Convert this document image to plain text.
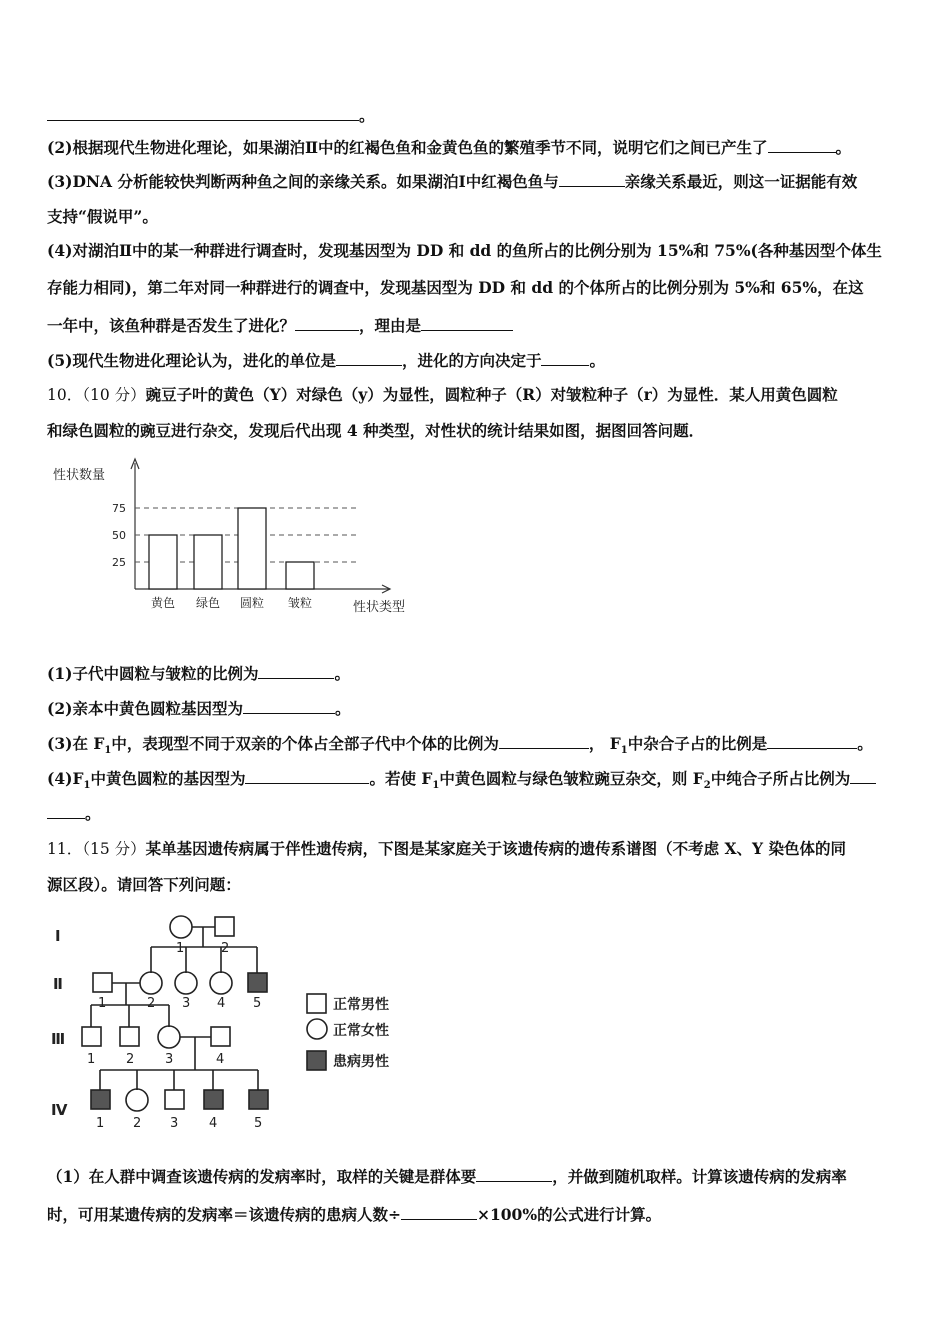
。
(2)根据现代生物进化理论，如果湖泊Ⅱ中的红褐色鱼和金黄色鱼的繁殖季节不同，说明它们之间已产生了	。
(3)DNA 分析能较快判断两种鱼之间的亲缘关系。如果湖泊Ⅰ中红褐色鱼与	亲缘关系最近，则这一证据能有效
支持“假说甲”。
(4)对湖泊Ⅱ中的某一种群进行调查时，发现基因型为 DD 和 dd 的鱼所占的比例分别为 15%和 75%(各种基因型个体生
存能力相同)，第二年对同一种群进行的调查中，发现基因型为 DD 和 dd 的个体所占的比例分别为 5%和 65%，在这
一年中，该鱼种群是否发生了进化？	，理由是
(5)现代生物进化理论认为，进化的单位是	，进化的方向决定于	。
10．（10 分）豌豆子叶的黄色（Y）对绿色（y）为显性，圆粒种子（R）对皱粒种子（r）为显性．某人用黄色圆粒
和绿色圆粒的豌豆进行杂交，发现后代出现 4 种类型，对性状的统计结果如图，据图回答问题．
25
50
75
黄色 绿色 圆粒 皱粒
性状数量
性状类型
(1)子代中圆粒与皱粒的比例为	。
(2)亲本中黄色圆粒基因型为	。
(3)在 $F_1$中，表现型不同于双亲的个体占全部子代中个体的比例为	， $F_1$中杂合子占的比例是	。
$(4)F_1$中黄色圆粒的基因型为	。若使 $F_1$中黄色圆粒与绿色皱粒豌豆杂交，则 $F_2$中纯合子所占比例为
。
11．（15 分）某单基因遗传病属于伴性遗传病，下图是某家庭关于该遗传病的遗传系谱图（不考虑 X、Y 染色体的同
源区段）。请回答下列问题：
Ⅰ
Ⅱ
Ⅲ
Ⅳ
1	2
1	2 3 4 5
1 2 3	4
1 2 3 4	5
正常男性
正常女性
患病男性
（1）在人群中调查该遗传病的发病率时，取样的关键是群体要	，并做到随机取样。计算该遗传病的发病率
时，可用某遗传病的发病率＝该遗传病的患病人数÷	×100%的公式进行计算。
